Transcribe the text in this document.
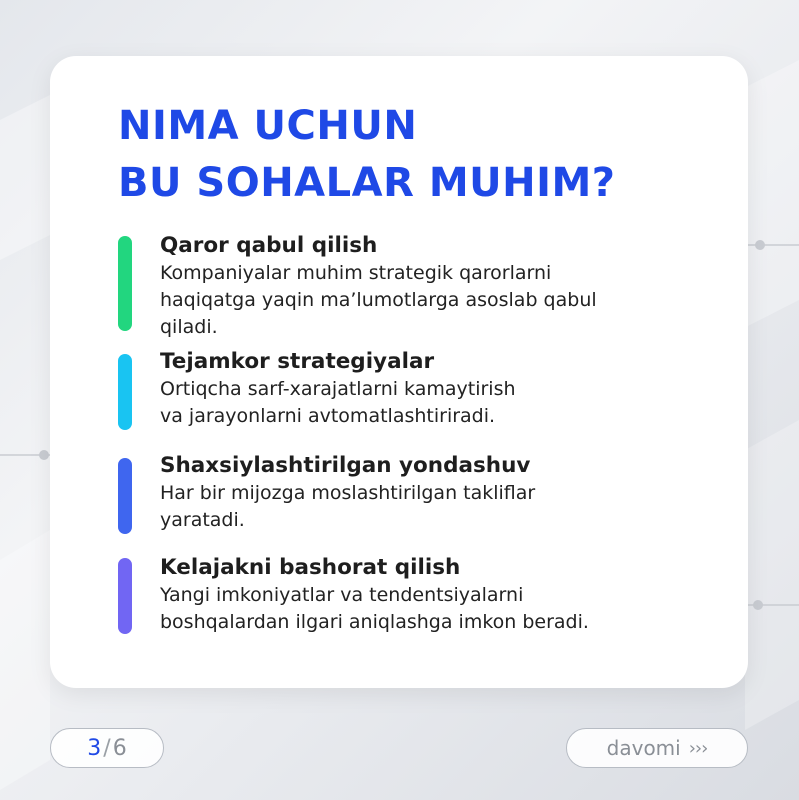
NIMA UCHUN
BU SOHALAR MUHIM?
Qaror qabul qilish
Kompaniyalar muhim strategik qarorlarni
haqiqatga yaqin ma’lumotlarga asoslab qabul
qiladi.
Tejamkor strategiyalar
Ortiqcha sarf-xarajatlarni kamaytirish
va jarayonlarni avtomatlashtiriradi.
Shaxsiylashtirilgan yondashuv
Har bir mijozga moslashtirilgan takliflar
yaratadi.
Kelajakni bashorat qilish
Yangi imkoniyatlar va tendentsiyalarni
boshqalardan ilgari aniqlashga imkon beradi.
3 / 6	davomi ›››
